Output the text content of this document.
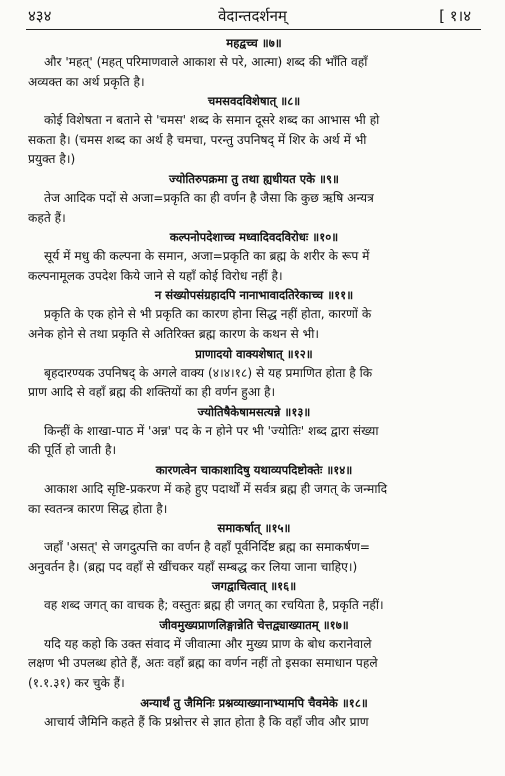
४३४	वेदान्तदर्शनम्	[ १।४
महद्वच्च ॥७॥
और 'महत्' (महत् परिमाणवाले आकाश से परे, आत्मा) शब्द की भाँति वहाँ
अव्यक्त का अर्थ प्रकृति है।
चमसवदविशेषात् ॥८॥
कोई विशेषता न बताने से 'चमस' शब्द के समान दूसरे शब्द का आभास भी हो
सकता है। (चमस शब्द का अर्थ है चमचा, परन्तु उपनिषद् में शिर के अर्थ में भी
प्रयुक्त है।)
ज्योतिरुपक्रमा तु तथा ह्यधीयत एके ॥९॥
तेज आदिक पदों से अजा=प्रकृति का ही वर्णन है जैसा कि कुछ ऋषि अन्यत्र
कहते हैं।
कल्पनोपदेशाच्च मध्वादिवदविरोधः ॥१०॥
सूर्य में मधु की कल्पना के समान, अजा=प्रकृति का ब्रह्म के शरीर के रूप में
कल्पनामूलक उपदेश किये जाने से यहाँ कोई विरोध नहीं है।
न संख्योपसंग्रहादपि नानाभावादतिरेकाच्च ॥११॥
प्रकृति के एक होने से भी प्रकृति का कारण होना सिद्ध नहीं होता, कारणों के
अनेक होने से तथा प्रकृति से अतिरिक्त ब्रह्म कारण के कथन से भी।
प्राणादयो वाक्यशेषात् ॥१२॥
बृहदारण्यक उपनिषद् के अगले वाक्य (४।४।१८) से यह प्रमाणित होता है कि
प्राण आदि से वहाँ ब्रह्म की शक्तियों का ही वर्णन हुआ है।
ज्योतिषैकेषामसत्यन्ने ॥१३॥
किन्हीं के शाखा-पाठ में 'अन्न' पद के न होने पर भी 'ज्योतिः' शब्द द्वारा संख्या
की पूर्ति हो जाती है।
कारणत्वेन चाकाशादिषु यथाव्यपदिष्टोक्तेः ॥१४॥
आकाश आदि सृष्टि-प्रकरण में कहे हुए पदार्थों में सर्वत्र ब्रह्म ही जगत् के जन्मादि
का स्वतन्त्र कारण सिद्ध होता है।
समाकर्षात् ॥१५॥
जहाँ 'असत्' से जगदुत्पत्ति का वर्णन है वहाँ पूर्वनिर्दिष्ट ब्रह्म का समाकर्षण=
अनुवर्तन है। (ब्रह्म पद वहाँ से खींचकर यहाँ सम्बद्ध कर लिया जाना चाहिए।)
जगद्वाचित्वात् ॥१६॥
वह शब्द जगत् का वाचक है; वस्तुतः ब्रह्म ही जगत् का रचयिता है, प्रकृति नहीं।
जीवमुख्यप्राणलिङ्गान्नेति चेत्तद्व्याख्यातम् ॥१७॥
यदि यह कहो कि उक्त संवाद में जीवात्मा और मुख्य प्राण के बोध करानेवाले
लक्षण भी उपलब्ध होते हैं, अतः वहाँ ब्रह्म का वर्णन नहीं तो इसका समाधान पहले
(१.१.३१) कर चुके हैं।
अन्यार्थं तु जैमिनिः प्रश्नव्याख्यानाभ्यामपि चैवमेके ॥१८॥
आचार्य जैमिनि कहते हैं कि प्रश्नोत्तर से ज्ञात होता है कि वहाँ जीव और प्राण
